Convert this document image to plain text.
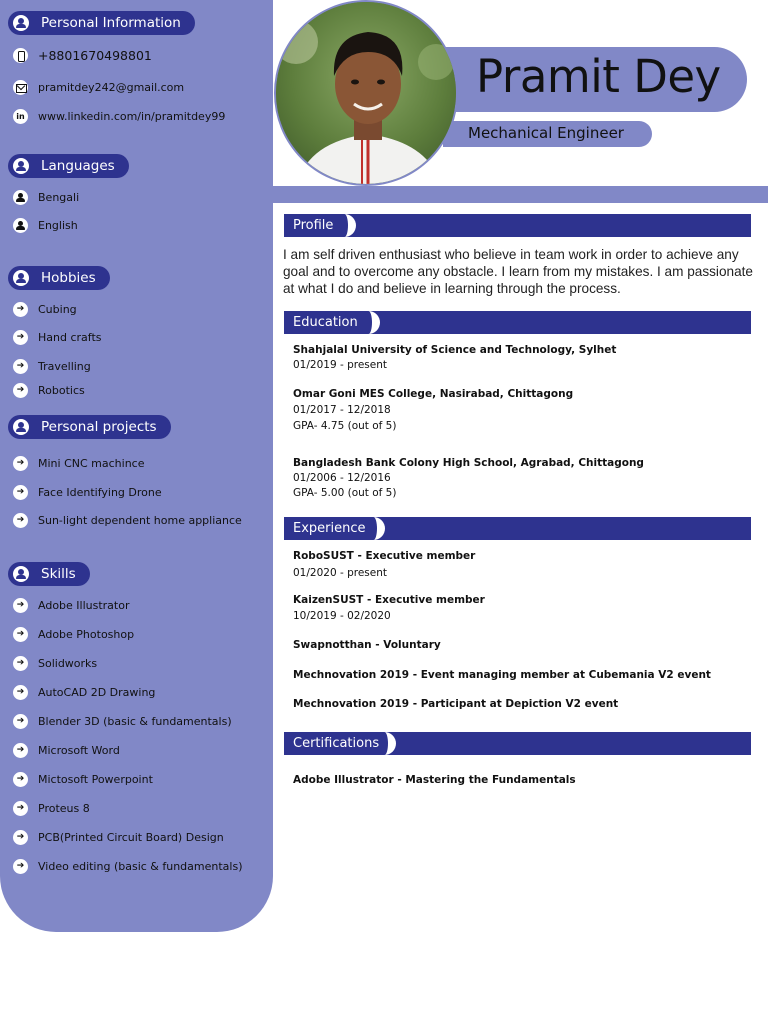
Personal Information
+8801670498801
pramitdey242@gmail.com
in
www.linkedin.com/in/pramitdey99
Languages
Bengali
English
Hobbies
➔
Cubing
➔
Hand crafts
➔
Travelling
➔
Robotics
Personal projects
➔
Mini CNC machince
➔
Face Identifying Drone
➔
Sun-light dependent home appliance
Skills
➔
Adobe Illustrator
➔
Adobe Photoshop
➔
Solidworks
➔
AutoCAD 2D Drawing
➔
Blender 3D (basic & fundamentals)
➔
Microsoft Word
➔
Mictosoft Powerpoint
➔
Proteus 8
➔
PCB(Printed Circuit Board) Design
➔
Video editing (basic & fundamentals)
Pramit Dey
Mechanical Engineer
Profile
I am self driven enthusiast who believe in team work in order to achieve any goal and to overcome any obstacle. I learn from my mistakes. I am passionate at what I do and believe in learning through the process.
Education
Shahjalal University of Science and Technology, Sylhet
01/2019 - present
Omar Goni MES College, Nasirabad, Chittagong
01/2017 - 12/2018
GPA- 4.75 (out of 5)
Bangladesh Bank Colony High School, Agrabad, Chittagong
01/2006 - 12/2016
GPA- 5.00 (out of 5)
Experience
RoboSUST - Executive member
01/2020 - present
KaizenSUST - Executive member
10/2019 - 02/2020
Swapnotthan - Voluntary
Mechnovation 2019 - Event managing member at Cubemania V2 event
Mechnovation 2019 - Participant at Depiction V2 event
Certifications
Adobe Illustrator - Mastering the Fundamentals
